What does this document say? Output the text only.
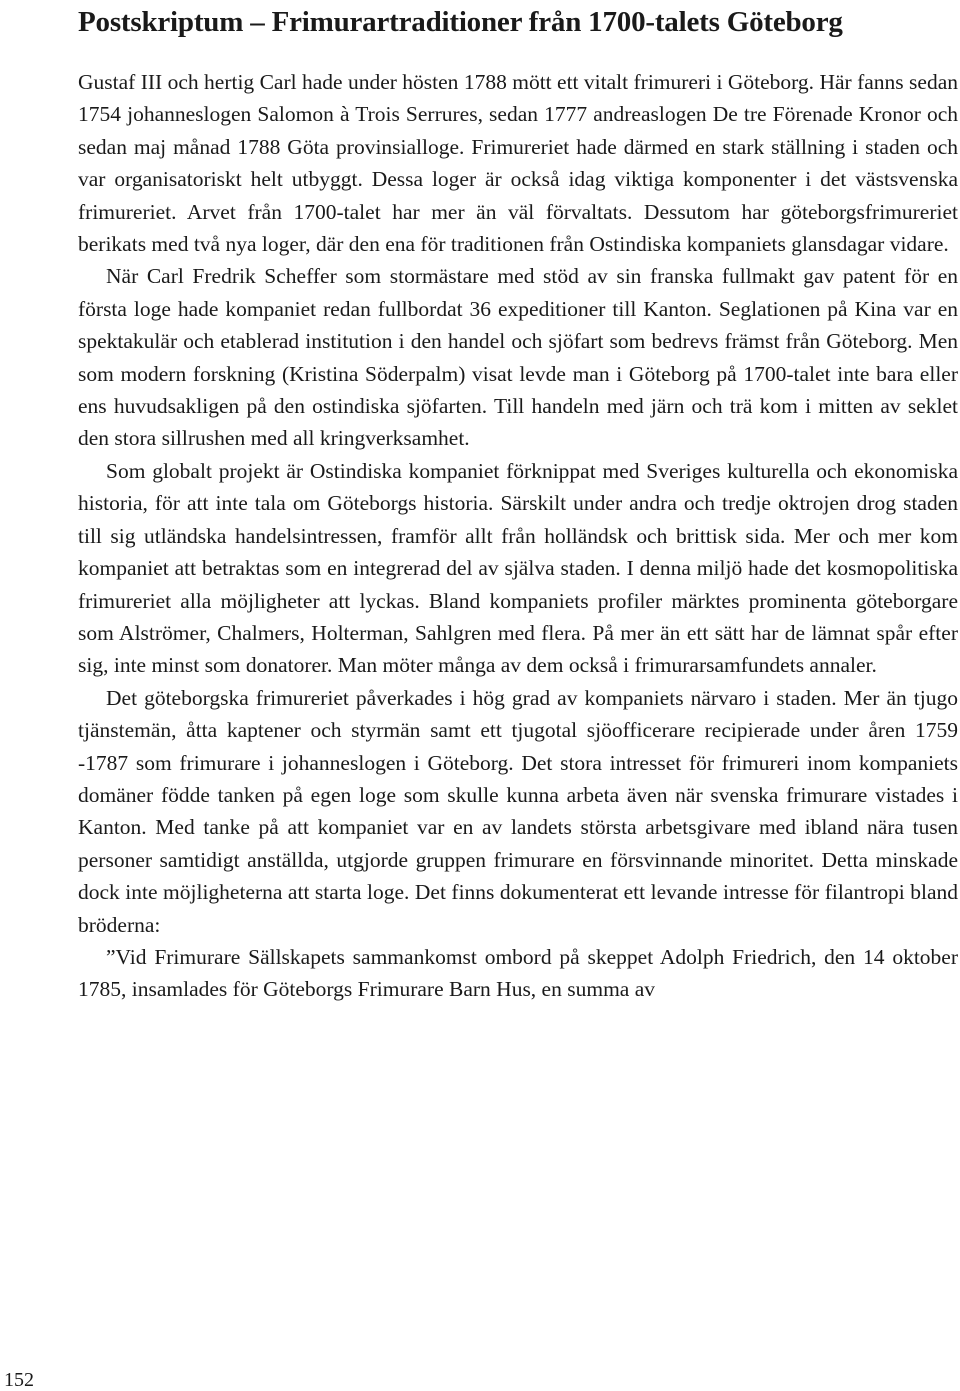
Postskriptum – Frimurartraditioner från 1700-talets Göteborg

Gustaf III och hertig Carl hade under hösten 1788 mött ett vitalt frimureri i Göteborg. Här fanns sedan 1754 johanneslogen Salomon à Trois Serrures, sedan 1777 andreaslogen De tre Förenade Kronor och sedan maj månad 1788 Göta provinsialloge. Frimureriet hade därmed en stark ställning i staden och var organisatoriskt helt utbyggt. Dessa loger är också idag viktiga komponenter i det västsvenska frimureriet. Arvet från 1700-talet har mer än väl förvaltats. Dessutom har göteborgsfrimureriet berikats med två nya loger, där den ena för traditionen från Ostindiska kompaniets glansdagar vidare.

När Carl Fredrik Scheffer som stormästare med stöd av sin franska fullmakt gav patent för en första loge hade kompaniet redan fullbordat 36 expeditioner till Kanton. Seglationen på Kina var en spektakulär och etablerad institution i den handel och sjöfart som bedrevs främst från Göteborg. Men som modern forskning (Kristina Söderpalm) visat levde man i Göteborg på 1700-talet inte bara eller ens huvudsakligen på den ostindiska sjöfarten. Till handeln med järn och trä kom i mitten av seklet den stora sillrushen med all kringverksamhet.

Som globalt projekt är Ostindiska kompaniet förknippat med Sveriges kulturella och ekonomiska historia, för att inte tala om Göteborgs historia. Särskilt under andra och tredje oktrojen drog staden till sig utländska handelsintressen, framför allt från holländsk och brittisk sida. Mer och mer kom kompaniet att betraktas som en integrerad del av själva staden. I denna miljö hade det kosmopolitiska frimureriet alla möjligheter att lyckas. Bland kompaniets profiler märktes prominenta göteborgare som Alströmer, Chalmers, Holterman, Sahlgren med flera. På mer än ett sätt har de lämnat spår efter sig, inte minst som donatorer. Man möter många av dem också i frimurarsamfundets annaler.

Det göteborgska frimureriet påverkades i hög grad av kompaniets närvaro i staden. Mer än tjugo tjänstemän, åtta kaptener och styrmän samt ett tjugotal sjöofficerare recipierade under åren 1759 -1787 som frimurare i johanneslogen i Göteborg. Det stora intresset för frimureri inom kompaniets domäner födde tanken på egen loge som skulle kunna arbeta även när svenska frimurare vistades i Kanton. Med tanke på att kompaniet var en av landets största arbetsgivare med ibland nära tusen personer samtidigt anställda, utgjorde gruppen frimurare en försvinnande minoritet. Detta minskade dock inte möjligheterna att starta loge. Det finns dokumenterat ett levande intresse för filantropi bland bröderna:

”Vid Frimurare Sällskapets sammankomst ombord på skeppet Adolph Friedrich, den 14 oktober 1785, insamlades för Göteborgs Frimurare Barn Hus, en summa av

152
